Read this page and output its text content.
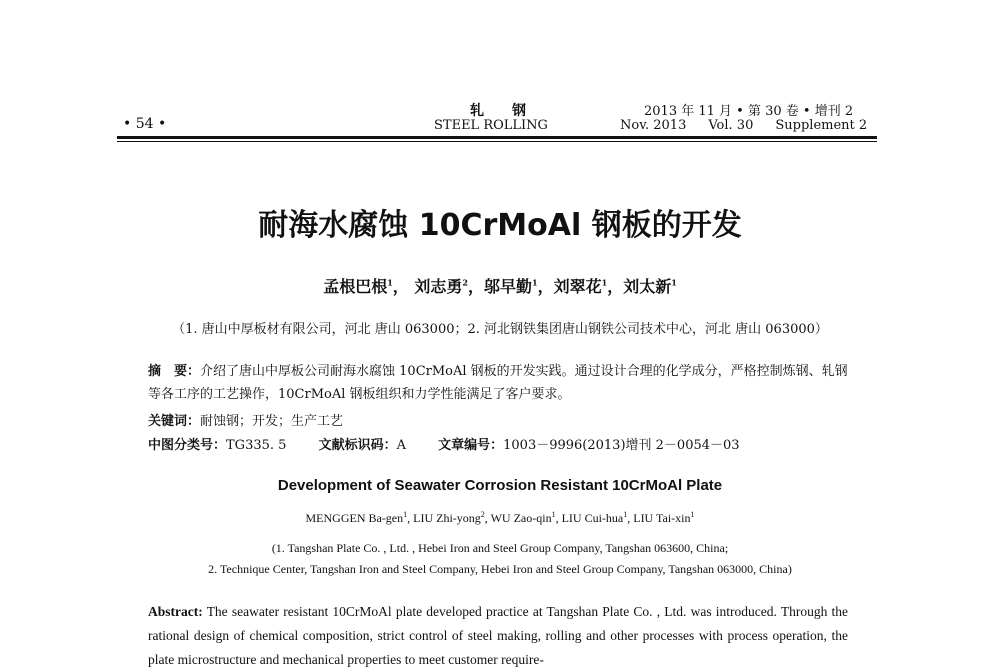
• 54 •
轧 钢
STEEL ROLLING
2013 年 11 月 • 第 30 卷 • 增刊 2
Nov. 2013 Vol. 30 Supplement 2
耐海水腐蚀 10CrMoAl 钢板的开发
孟根巴根$^1$， 刘志勇$^2$，邬早勤$^1$，刘翠花$^1$，刘太新$^1$
（1. 唐山中厚板材有限公司，河北 唐山 063000；2. 河北钢铁集团唐山钢铁公司技术中心，河北 唐山 063000）
摘　要：介绍了唐山中厚板公司耐海水腐蚀 10CrMoAl 钢板的开发实践。通过设计合理的化学成分，严格控制炼钢、轧钢等各工序的工艺操作，10CrMoAl 钢板组织和力学性能满足了客户要求。
关键词：耐蚀钢；开发；生产工艺
中图分类号：TG335. 5 文献标识码：A 文章编号：1003－9996(2013)增刊 2－0054－03
Development of Seawater Corrosion Resistant 10CrMoAl Plate
MENGGEN Ba-gen$^1$, LIU Zhi-yong$^2$, WU Zao-qin$^1$, LIU Cui-hua$^1$, LIU Tai-xin$^1$
(1. Tangshan Plate Co. , Ltd. , Hebei Iron and Steel Group Company, Tangshan 063600, China;
2. Technique Center, Tangshan Iron and Steel Company, Hebei Iron and Steel Group Company, Tangshan 063000, China)
Abstract: The seawater resistant 10CrMoAl plate developed practice at Tangshan Plate Co. , Ltd. was introduced. Through the rational design of chemical composition, strict control of steel making, rolling and other processes with process operation, the plate microstructure and mechanical properties to meet customer require-
